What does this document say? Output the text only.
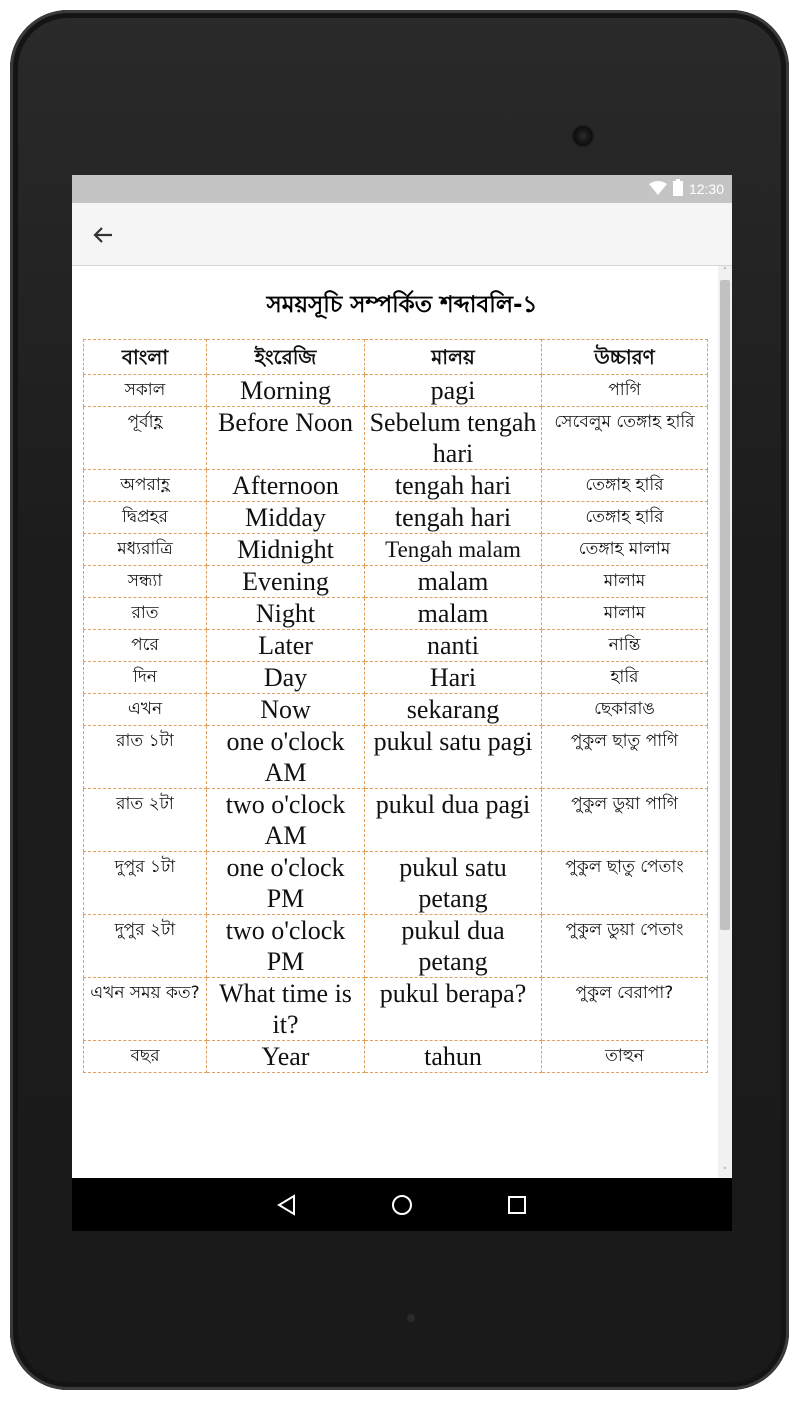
12:30
সময়সূচি সম্পর্কিত শব্দাবলি-১
বাংলা	ইংরেজি	মালয়	উচ্চারণ
সকাল	Morning	pagi	পাগি
পূর্বাহ্ণ	Before Noon	Sebelum tengah hari	সেবেলুম তেঙ্গাহ হারি
অপরাহ্ণ	Afternoon	tengah hari	তেঙ্গাহ হারি
দ্বিপ্রহর	Midday	tengah hari	তেঙ্গাহ হারি
মধ্যরাত্রি	Midnight	Tengah malam	তেঙ্গাহ মালাম
সন্ধ্যা	Evening	malam	মালাম
রাত	Night	malam	মালাম
পরে	Later	nanti	নান্তি
দিন	Day	Hari	হারি
এখন	Now	sekarang	ছেকারাঙ
রাত ১টা	one o'clock AM	pukul satu pagi	পুকুল ছাতু পাগি
রাত ২টা	two o'clock AM	pukul dua pagi	পুকুল ডুয়া পাগি
দুপুর ১টা	one o'clock PM	pukul satu petang	পুকুল ছাতু পেতাং
দুপুর ২টা	two o'clock PM	pukul dua petang	পুকুল ডুয়া পেতাং
এখন সময় কত?	What time is it?	pukul berapa?	পুকুল বেরাপা?
বছর	Year	tahun	তাহুন
˄
˅
